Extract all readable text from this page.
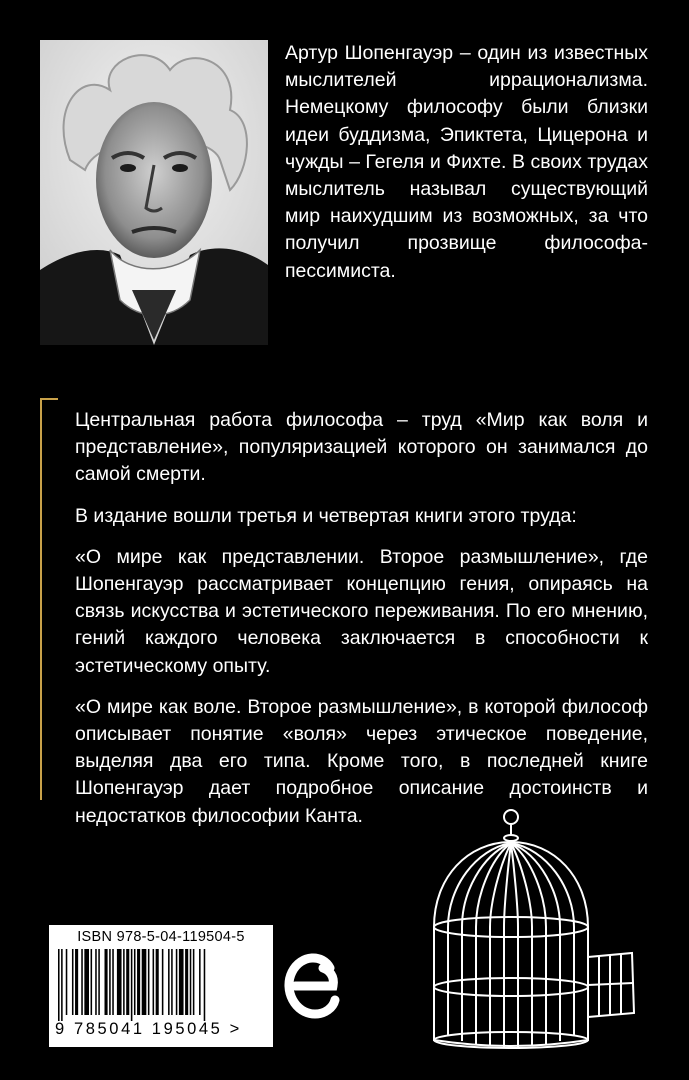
Артур Шопенгауэр – один из известных мыслителей иррационализма. Немецкому философу были близки идеи буддизма, Эпиктета, Цицерона и чужды – Гегеля и Фихте. В своих трудах мыслитель называл существующий мир наихудшим из возможных, за что получил прозвище философа-пессимиста.

Центральная работа философа – труд «Мир как воля и представление», популяризацией которого он занимался до самой смерти.

В издание вошли третья и четвертая книги этого труда:

«О мире как представлении. Второе размышление», где Шопенгауэр рассматривает концепцию гения, опираясь на связь искусства и эстетического переживания. По его мнению, гений каждого человека заключается в способности к эстетическому опыту.

«О мире как воле. Второе размышление», в которой философ описывает понятие «воля» через этическое поведение, выделяя два его типа. Кроме того, в последней книге Шопенгауэр дает подробное описание достоинств и недостатков философии Канта.

ISBN 978-5-04-119504-5
9 785041 195045 >
